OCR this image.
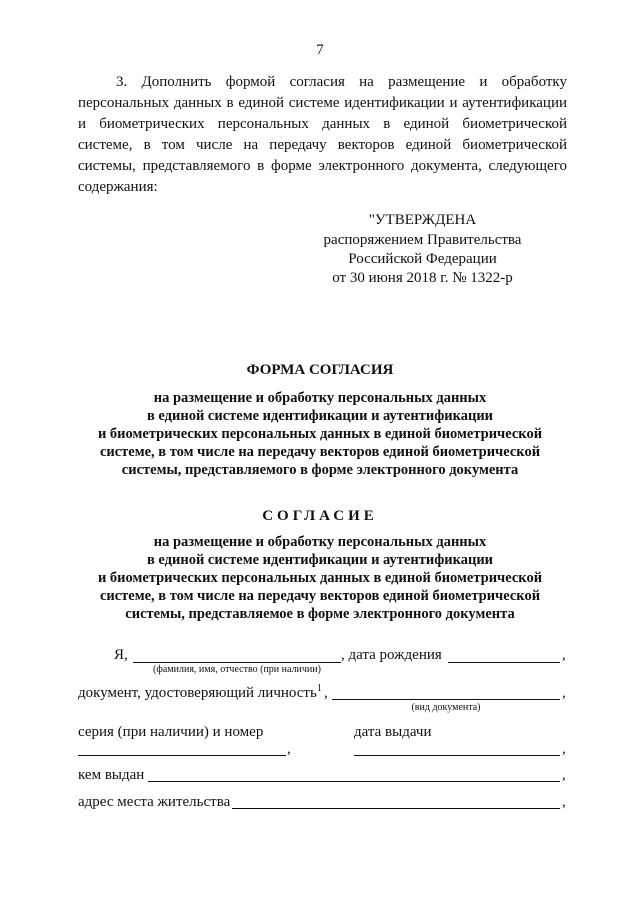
7
3. Дополнить формой согласия на размещение и обработку персональных данных в единой системе идентификации и аутентификации и биометрических персональных данных в единой биометрической системе, в том числе на передачу векторов единой биометрической системы, представляемого в форме электронного документа, следующего содержания:
"УТВЕРЖДЕНА
распоряжением Правительства
Российской Федерации
от 30 июня 2018 г. № 1322-р
ФОРМА СОГЛАСИЯ
на размещение и обработку персональных данных
в единой системе идентификации и аутентификации
и биометрических персональных данных в единой биометрической
системе, в том числе на передачу векторов единой биометрической
системы, представляемого в форме электронного документа
СОГЛАСИЕ
на размещение и обработку персональных данных
в единой системе идентификации и аутентификации
и биометрических персональных данных в единой биометрической
системе, в том числе на передачу векторов единой биометрической
системы, представляемое в форме электронного документа
Я,
(фамилия, имя, отчество (при наличии)
, дата рождения	,
документ, удостоверяющий личность$^1$ ,
(вид документа)
,
серия (при наличии) и номер	дата выдачи
,	,
кем выдан	,
адрес места жительства	,
